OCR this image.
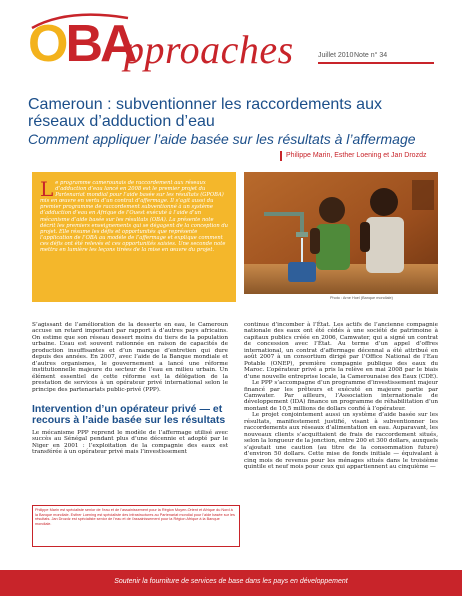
OBA
pproaches	Juillet 2010 Note n° 34

Cameroun : subventionner les raccordements aux réseaux d’adduction d’eau

Comment appliquer l’aide basée sur les résultats à l’affermage

Philippe Marin, Esther Loening et Jan Drozdz

Le programme camerounais de raccordement aux réseaux d’adduction d’eau lancé en 2008 est le premier projet du Partenariat mondial pour l’aide basée sur les résultats (GPOBA) mis en œuvre en vertu d’un contrat d’affermage. Il s’agit aussi du premier programme de raccordement subventionné à un système d’adduction d’eau en Afrique de l’Ouest exécuté à l’aide d’un mécanisme d’aide basée sur les résultats (OBA). La présente note décrit les premiers enseignements qui se dégagent de la conception du projet. Elle résume les défis et opportunités que représente l’application de l’OBA au modèle de l’affermage et explique comment ces défis ont été relevés et ces opportunités saisies. Une seconde note mettra en lumière les leçons tirées de la mise en œuvre du projet.

Photo : Arne Hoel (Banque mondiale)

S’agissant de l’amélioration de la desserte en eau, le Cameroun accuse un retard important par rapport à d’autres pays africains. On estime que son réseau dessert moins du tiers de la population urbaine. L’eau est souvent rationnée en raison de capacités de production insuffisantes et d’un manque d’entretien qui dure depuis des années. En 2007, avec l’aide de la Banque mondiale et d’autres organismes, le gouvernement a lancé une réforme institutionnelle majeure du secteur de l’eau en milieu urbain. Un élément essentiel de cette réforme est la délégation de la prestation de services à un opérateur privé international selon le principe des partenariats public-privé (PPP).

Intervention d’un opérateur privé — et recours à l’aide basée sur les résultats

Le mécanisme PPP reprend le modèle de l’affermage utilisé avec succès au Sénégal pendant plus d’une décennie et adopté par le Niger en 2001 : l’exploitation de la compagnie des eaux est transférée à un opérateur privé mais l’investissement

continue d’incomber à l’État. Les actifs de l’ancienne compagnie nationale des eaux ont été cédés à une société de patrimoine à capitaux publics créée en 2006, Camwater, qui a signé un contrat de concession avec l’État. Au terme d’un appel d’offres international, un contrat d’affermage décennal a été attribué en août 2007 à un consortium dirigé par l’Office National de l’Eau Potable (ONEP), première compagnie publique des eaux du Maroc. L’opérateur privé a pris la relève en mai 2008 par le biais d’une nouvelle entreprise locale, la Camerounaise des Eaux (CDE).

Le PPP s’accompagne d’un programme d’investissement majeur financé par les prêteurs et exécuté en majeure partie par Camwater. Par ailleurs, l’Association internationale de développement (IDA) finance un programme de réhabilitation d’un montant de 10,5 millions de dollars confié à l’opérateur.

Le projet conjointement aussi un système d’aide basée sur les résultats, manifestement justifié, visant à subventionner les raccordements aux réseaux d’alimentation en eau. Auparavant, les nouveaux clients s’acquittaient de frais de raccordement situés, selon la longueur de la jonction, entre 200 et 300 dollars, auxquels s’ajoutait une caution (au titre de la consommation future) d’environ 50 dollars. Cette mise de fonds initiale — équivalant à cinq mois de revenus pour les ménages situés dans le troisième quintile et neuf mois pour ceux qui appartiennent au cinquième —

Philippe Marin est spécialiste senior de l’eau et de l’assainissement pour la Région Moyen-Orient et Afrique du Nord à la Banque mondiale. Esther Loening est spécialiste des infrastructures au Partenariat mondial pour l’aide basée sur les résultats. Jan Drozdz est spécialiste senior de l’eau et de l’assainissement pour la Région Afrique à la Banque mondiale.

Soutenir la fourniture de services de base dans les pays en développement
